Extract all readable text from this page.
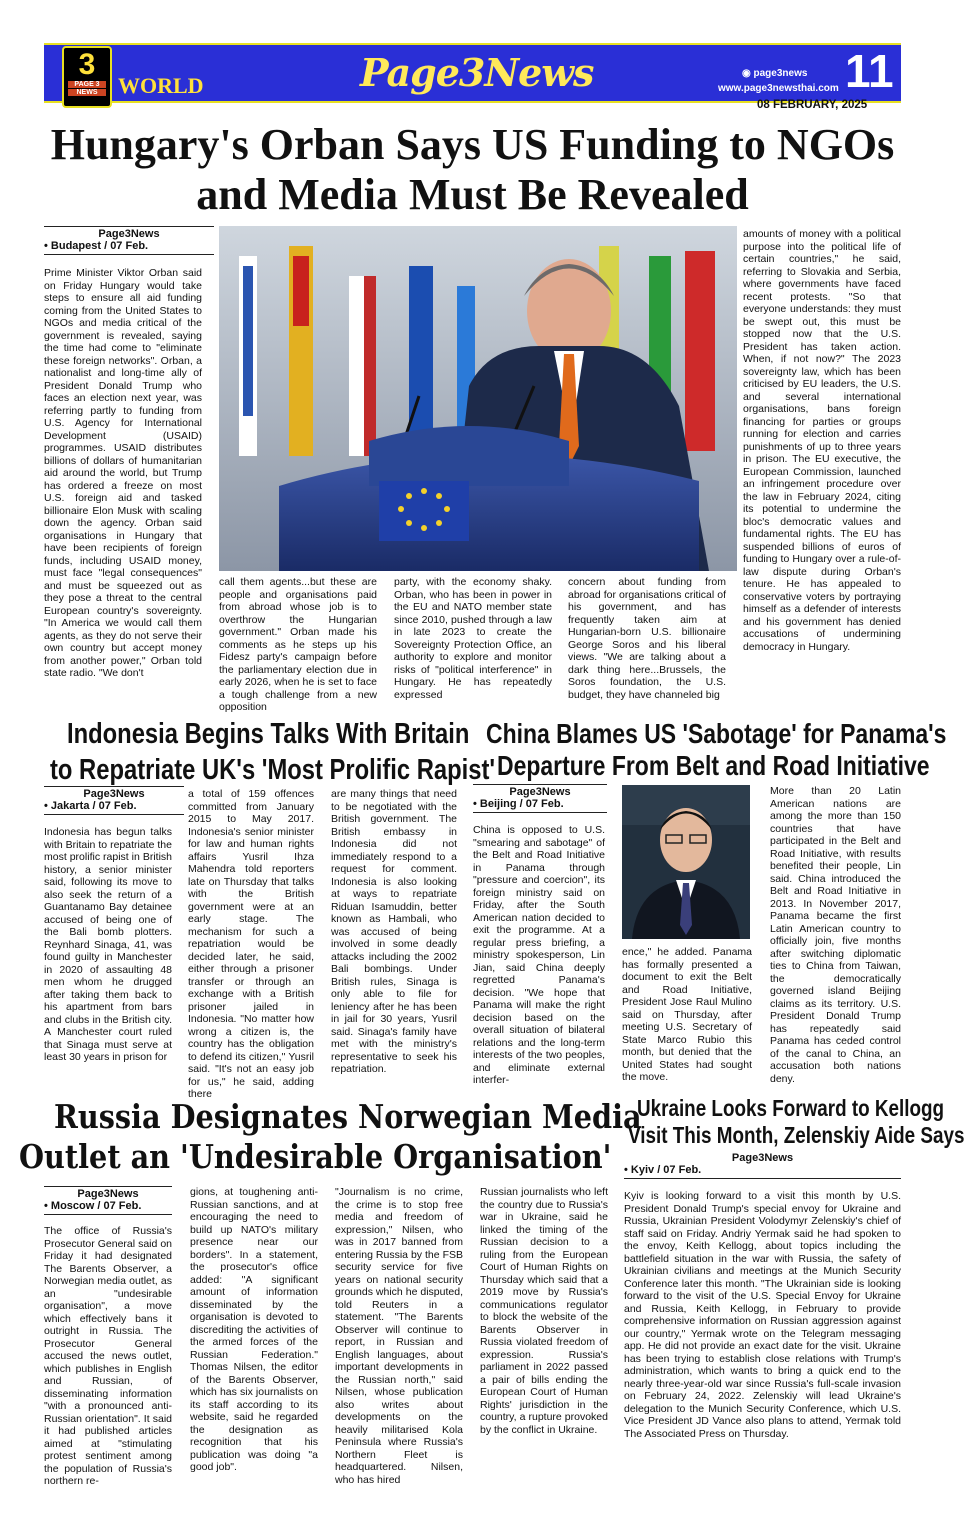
3
PAGE 3
NEWS WORLD	Page3News	◉ page3news
www.page3newsthai.com 11
08 FEBRUARY, 2025
Hungary's Orban Says US Funding to NGOs and Media Must Be Revealed
Page3News
• Budapest / 07 Feb.
Prime Minister Viktor Orban said on Friday Hungary would take steps to ensure all aid funding coming from the United States to NGOs and media critical of the government is revealed, saying the time had come to "eliminate these foreign networks". Orban, a nationalist and long-time ally of President Donald Trump who faces an election next year, was referring partly to funding from U.S. Agency for International Development (USAID) programmes. USAID distributes billions of dollars of humanitarian aid around the world, but Trump has ordered a freeze on most U.S. foreign aid and tasked billionaire Elon Musk with scaling down the agency. Orban said organisations in Hungary that have been recipients of foreign funds, including USAID money, must face "legal consequences" and must be squeezed out as they pose a threat to the central European country's sovereignty. "In America we would call them agents, as they do not serve their own country but accept money from another power," Orban told state radio. "We don't
call them agents...but these are people and organisations paid from abroad whose job is to overthrow the Hungarian government." Orban made his comments as he steps up his Fidesz party's campaign before the parliamentary election due in early 2026, when he is set to face a tough challenge from a new opposition
party, with the economy shaky. Orban, who has been in power in the EU and NATO member state since 2010, pushed through a law in late 2023 to create the Sovereignty Protection Office, an authority to explore and monitor risks of "political interference" in Hungary. He has repeatedly expressed
concern about funding from abroad for organisations critical of his government, and has frequently taken aim at Hungarian-born U.S. billionaire George Soros and his liberal views. "We are talking about a dark thing here...Brussels, the Soros foundation, the U.S. budget, they have channeled big
amounts of money with a political purpose into the political life of certain countries," he said, referring to Slovakia and Serbia, where governments have faced recent protests. "So that everyone understands: they must be swept out, this must be stopped now that the U.S. President has taken action. When, if not now?" The 2023 sovereignty law, which has been criticised by EU leaders, the U.S. and several international organisations, bans foreign financing for parties or groups running for election and carries punishments of up to three years in prison. The EU executive, the European Commission, launched an infringement procedure over the law in February 2024, citing its potential to undermine the bloc's democratic values and fundamental rights. The EU has suspended billions of euros of funding to Hungary over a rule-of-law dispute during Orban's tenure. He has appealed to conservative voters by portraying himself as a defender of interests and his government has denied accusations of undermining democracy in Hungary.
Indonesia Begins Talks With Britain
to Repatriate UK's 'Most Prolific Rapist'
Page3News
• Jakarta / 07 Feb.
Indonesia has begun talks with Britain to repatriate the most prolific rapist in British history, a senior minister said, following its move to also seek the return of a Guantanamo Bay detainee accused of being one of the Bali bomb plotters. Reynhard Sinaga, 41, was found guilty in Manchester in 2020 of assaulting 48 men whom he drugged after taking them back to his apartment from bars and clubs in the British city. A Manchester court ruled that Sinaga must serve at least 30 years in prison for
a total of 159 offences committed from January 2015 to May 2017. Indonesia's senior minister for law and human rights affairs Yusril Ihza Mahendra told reporters late on Thursday that talks with the British government were at an early stage. The mechanism for such a repatriation would be decided later, he said, either through a prisoner transfer or through an exchange with a British prisoner jailed in Indonesia. "No matter how wrong a citizen is, the country has the obligation to defend its citizen," Yusril said. "It's not an easy job for us," he said, adding there
are many things that need to be negotiated with the British government. The British embassy in Indonesia did not immediately respond to a request for comment. Indonesia is also looking at ways to repatriate Riduan Isamuddin, better known as Hambali, who was accused of being involved in some deadly attacks including the 2002 Bali bombings. Under British rules, Sinaga is only able to file for leniency after he has been in jail for 30 years, Yusril said. Sinaga's family have met with the ministry's representative to seek his repatriation.
China Blames US 'Sabotage' for Panama's
Departure From Belt and Road Initiative
Page3News
• Beijing / 07 Feb.
China is opposed to U.S. "smearing and sabotage" of the Belt and Road Initiative in Panama through "pressure and coercion", its foreign ministry said on Friday, after the South American nation decided to exit the programme. At a regular press briefing, a ministry spokesperson, Lin Jian, said China deeply regretted Panama's decision. "We hope that Panama will make the right decision based on the overall situation of bilateral relations and the long-term interests of the two peoples, and eliminate external interfer-
ence," he added. Panama has formally presented a document to exit the Belt and Road Initiative, President Jose Raul Mulino said on Thursday, after meeting U.S. Secretary of State Marco Rubio this month, but denied that the United States had sought the move.
More than 20 Latin American nations are among the more than 150 countries that have participated in the Belt and Road Initiative, with results benefited their people, Lin said. China introduced the Belt and Road Initiative in 2013. In November 2017, Panama became the first Latin American country to officially join, five months after switching diplomatic ties to China from Taiwan, the democratically governed island Beijing claims as its territory. U.S. President Donald Trump has repeatedly said Panama has ceded control of the canal to China, an accusation both nations deny.
Russia Designates Norwegian Media
Outlet an 'Undesirable Organisation'
Page3News
• Moscow / 07 Feb.
The office of Russia's Prosecutor General said on Friday it had designated The Barents Observer, a Norwegian media outlet, as an "undesirable organisation", a move which effectively bans it outright in Russia. The Prosecutor General accused the news outlet, which publishes in English and Russian, of disseminating information "with a pronounced anti-Russian orientation". It said it had published articles aimed at "stimulating protest sentiment among the population of Russia's northern re-
gions, at toughening anti-Russian sanctions, and at encouraging the need to build up NATO's military presence near our borders". In a statement, the prosecutor's office added: "A significant amount of information disseminated by the organisation is devoted to discrediting the activities of the armed forces of the Russian Federation." Thomas Nilsen, the editor of the Barents Observer, which has six journalists on its staff according to its website, said he regarded the designation as recognition that his publication was doing "a good job".
"Journalism is no crime, the crime is to stop free media and freedom of expression," Nilsen, who was in 2017 banned from entering Russia by the FSB security service for five years on national security grounds which he disputed, told Reuters in a statement. "The Barents Observer will continue to report, in Russian and English languages, about important developments in the Russian north," said Nilsen, whose publication also writes about developments on the heavily militarised Kola Peninsula where Russia's Northern Fleet is headquartered. Nilsen, who has hired
Russian journalists who left the country due to Russia's war in Ukraine, said he linked the timing of the Russian decision to a ruling from the European Court of Human Rights on Thursday which said that a 2019 move by Russia's communications regulator to block the website of the Barents Observer in Russia violated freedom of expression. Russia's parliament in 2022 passed a pair of bills ending the European Court of Human Rights' jurisdiction in the country, a rupture provoked by the conflict in Ukraine.
Ukraine Looks Forward to Kellogg
Visit This Month, Zelenskiy Aide Says
Page3News
• Kyiv / 07 Feb.
Kyiv is looking forward to a visit this month by U.S. President Donald Trump's special envoy for Ukraine and Russia, Ukrainian President Volodymyr Zelenskiy's chief of staff said on Friday. Andriy Yermak said he had spoken to the envoy, Keith Kellogg, about topics including the battlefield situation in the war with Russia, the safety of Ukrainian civilians and meetings at the Munich Security Conference later this month. "The Ukrainian side is looking forward to the visit of the U.S. Special Envoy for Ukraine and Russia, Keith Kellogg, in February to provide comprehensive information on Russian aggression against our country," Yermak wrote on the Telegram messaging app. He did not provide an exact date for the visit. Ukraine has been trying to establish close relations with Trump's administration, which wants to bring a quick end to the nearly three-year-old war since Russia's full-scale invasion on February 24, 2022. Zelenskiy will lead Ukraine's delegation to the Munich Security Conference, which U.S. Vice President JD Vance also plans to attend, Yermak told The Associated Press on Thursday.
